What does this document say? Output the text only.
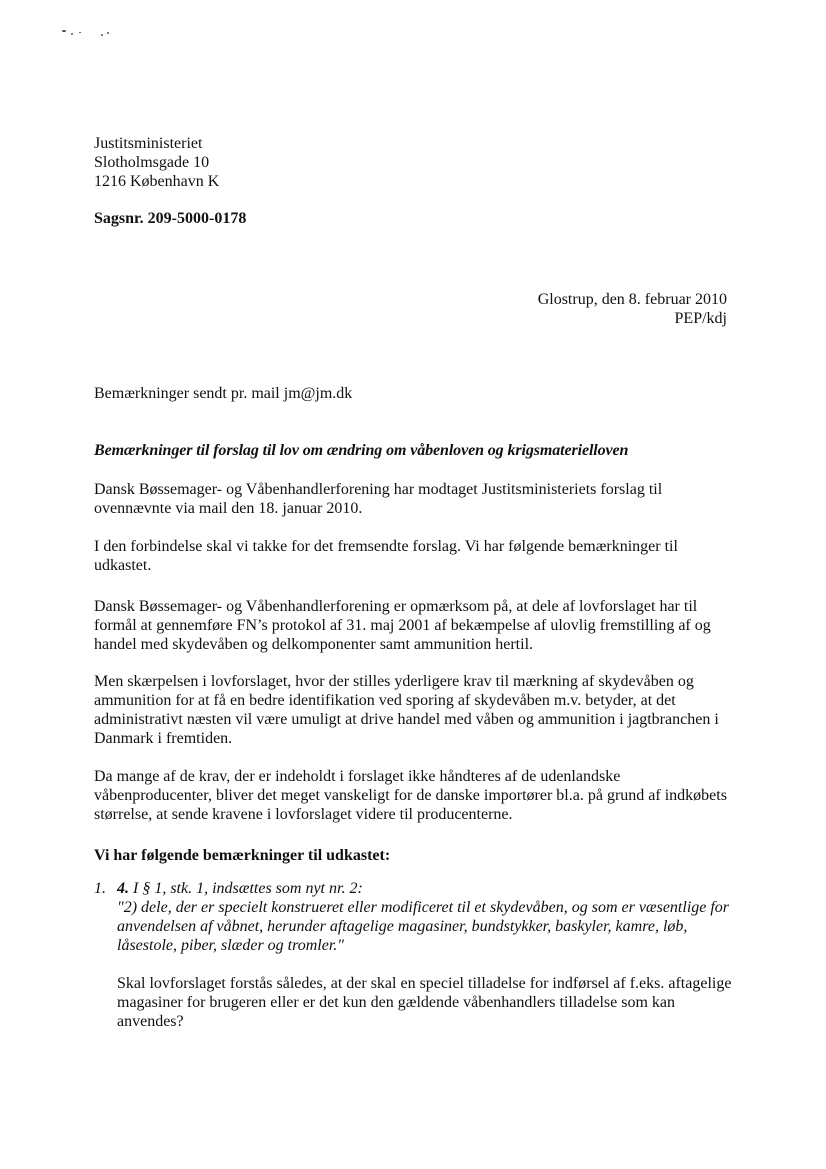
Justitsministeriet
Slotholmsgade 10
1216 København K
Sagsnr. 209-5000-0178
Glostrup, den 8. februar 2010
PEP/kdj
Bemærkninger sendt pr. mail jm@jm.dk
Bemærkninger til forslag til lov om ændring om våbenloven og krigsmaterielloven
Dansk Bøssemager- og Våbenhandlerforening har modtaget Justitsministeriets forslag til ovennævnte via mail den 18. januar 2010.
I den forbindelse skal vi takke for det fremsendte forslag. Vi har følgende bemærkninger til udkastet.
Dansk Bøssemager- og Våbenhandlerforening er opmærksom på, at dele af lovforslaget har til formål at gennemføre FN’s protokol af 31. maj 2001 af bekæmpelse af ulovlig fremstilling af og handel med skydevåben og delkomponenter samt ammunition hertil.
Men skærpelsen i lovforslaget, hvor der stilles yderligere krav til mærkning af skydevåben og ammunition for at få en bedre identifikation ved sporing af skydevåben m.v. betyder, at det administrativt næsten vil være umuligt at drive handel med våben og ammunition i jagtbranchen i Danmark i fremtiden.
Da mange af de krav, der er indeholdt i forslaget ikke håndteres af de udenlandske våbenproducenter, bliver det meget vanskeligt for de danske importører bl.a. på grund af indkøbets størrelse, at sende kravene i lovforslaget videre til producenterne.
Vi har følgende bemærkninger til udkastet:
1. 4. I § 1, stk. 1, indsættes som nyt nr. 2:
"2) dele, der er specielt konstrueret eller modificeret til et skydevåben, og som er væsentlige for anvendelsen af våbnet, herunder aftagelige magasiner, bundstykker, baskyler, kamre, løb, låsestole, piber, slæder og tromler."
Skal lovforslaget forstås således, at der skal en speciel tilladelse for indførsel af f.eks. aftagelige magasiner for brugeren eller er det kun den gældende våbenhandlers tilladelse som kan anvendes?
